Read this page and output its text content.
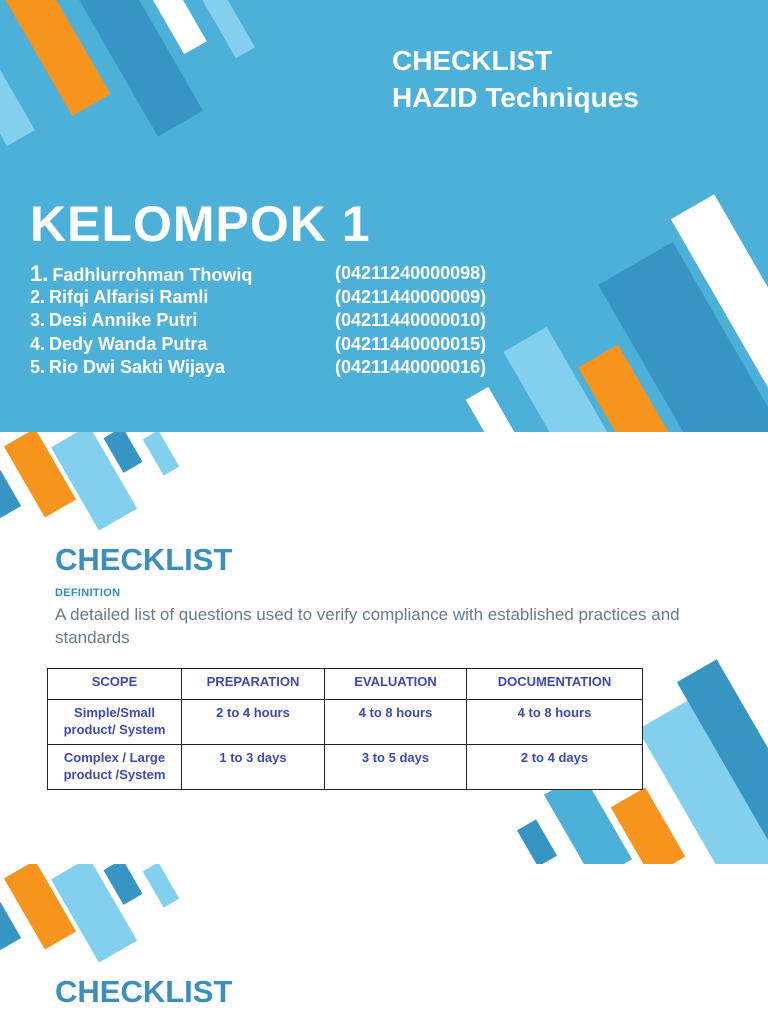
CHECKLIST
HAZID Techniques
KELOMPOK 1
1. Fadhlurrohman Thowiq	(04211240000098)
2. Rifqi Alfarisi Ramli	(04211440000009)
3. Desi Annike Putri	(04211440000010)
4. Dedy Wanda Putra	(04211440000015)
5. Rio Dwi Sakti Wijaya	(04211440000016)
CHECKLIST

DEFINITION

A detailed list of questions used to verify compliance with established practices and standards

SCOPE	PREPARATION	EVALUATION	DOCUMENTATION
Simple/Small product/ System	2 to 4 hours	4 to 8 hours	4 to 8 hours
Complex / Large product /System	1 to 3 days	3 to 5 days	2 to 4 days
CHECKLIST
